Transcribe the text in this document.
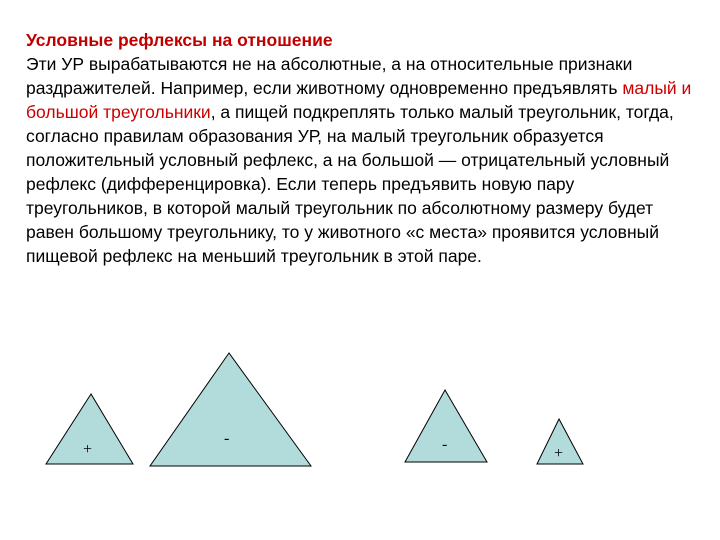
Условные рефлексы на отношение
Эти УР вырабатываются не на абсолютные, а на относительные признаки раздражителей. Например, если животному одновременно предъявлять малый и большой треугольники, а пищей подкреплять только малый треугольник, тогда, согласно правилам образования УР, на малый треугольник образуется положительный условный рефлекс, а на большой — отрицательный условный рефлекс (дифференцировка). Если теперь предъявить новую пару треугольников, в которой малый треугольник по абсолютному размеру будет равен большому треугольнику, то у животного «с места» проявится условный пищевой рефлекс на меньший треугольник в этой паре.
+
-	-
+
